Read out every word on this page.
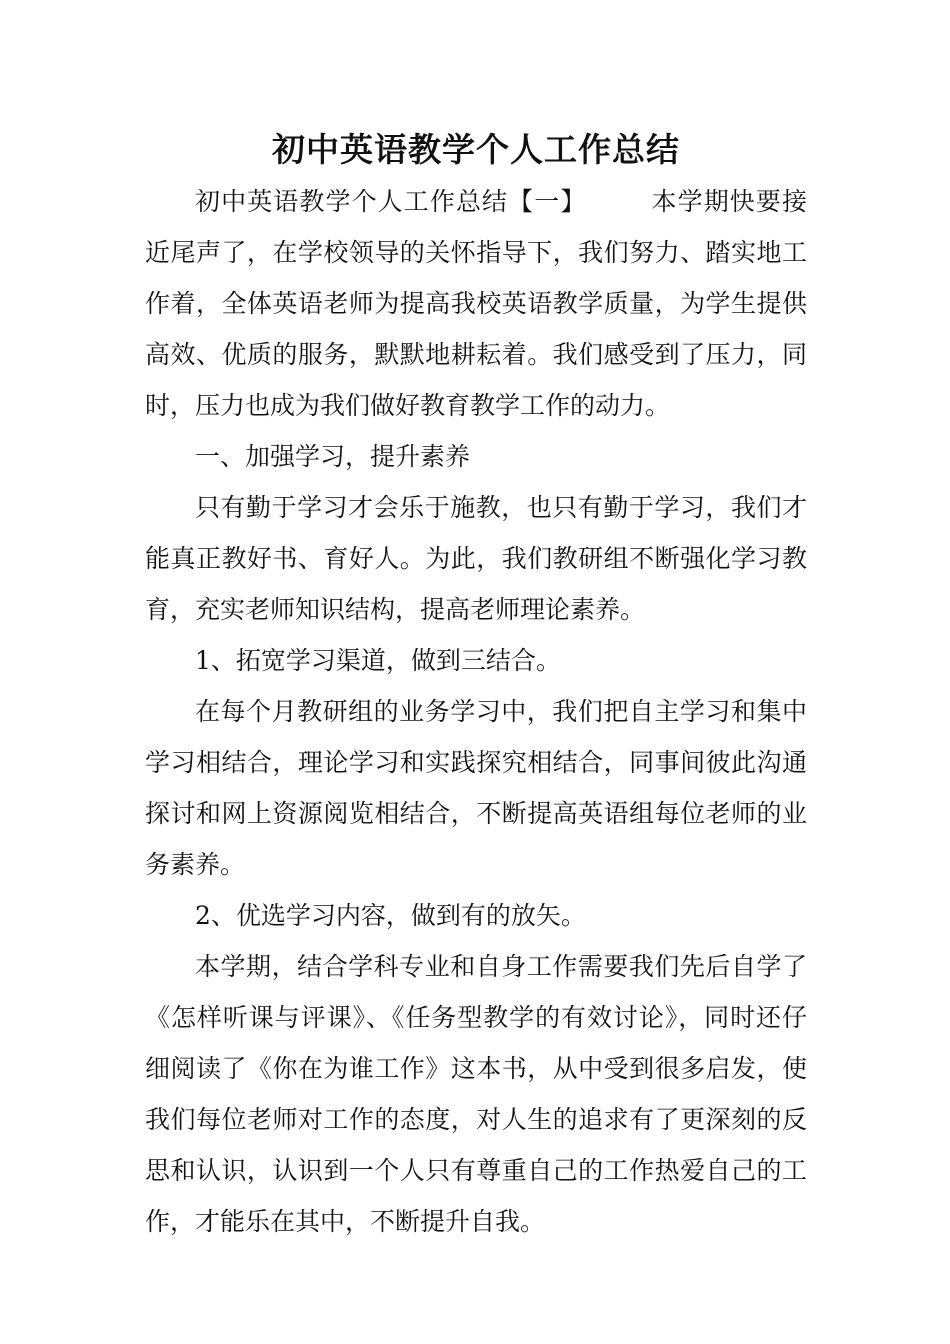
初中英语教学个人工作总结

初中英语教学个人工作总结【一】	本学期快要接近尾声了，在学校领导的关怀指导下，我们努力、踏实地工作着，全体英语老师为提高我校英语教学质量，为学生提供高效、优质的服务，默默地耕耘着。我们感受到了压力，同时，压力也成为我们做好教育教学工作的动力。

一、加强学习，提升素养

只有勤于学习才会乐于施教，也只有勤于学习，我们才能真正教好书、育好人。为此，我们教研组不断强化学习教育，充实老师知识结构，提高老师理论素养。

1、拓宽学习渠道，做到三结合。

在每个月教研组的业务学习中，我们把自主学习和集中学习相结合，理论学习和实践探究相结合，同事间彼此沟通探讨和网上资源阅览相结合，不断提高英语组每位老师的业务素养。

2、优选学习内容，做到有的放矢。

本学期，结合学科专业和自身工作需要我们先后自学了《怎样听课与评课》、《任务型教学的有效讨论》，同时还仔细阅读了《你在为谁工作》这本书，从中受到很多启发，使我们每位老师对工作的态度，对人生的追求有了更深刻的反思和认识，认识到一个人只有尊重自己的工作热爱自己的工作，才能乐在其中，不断提升自我。
